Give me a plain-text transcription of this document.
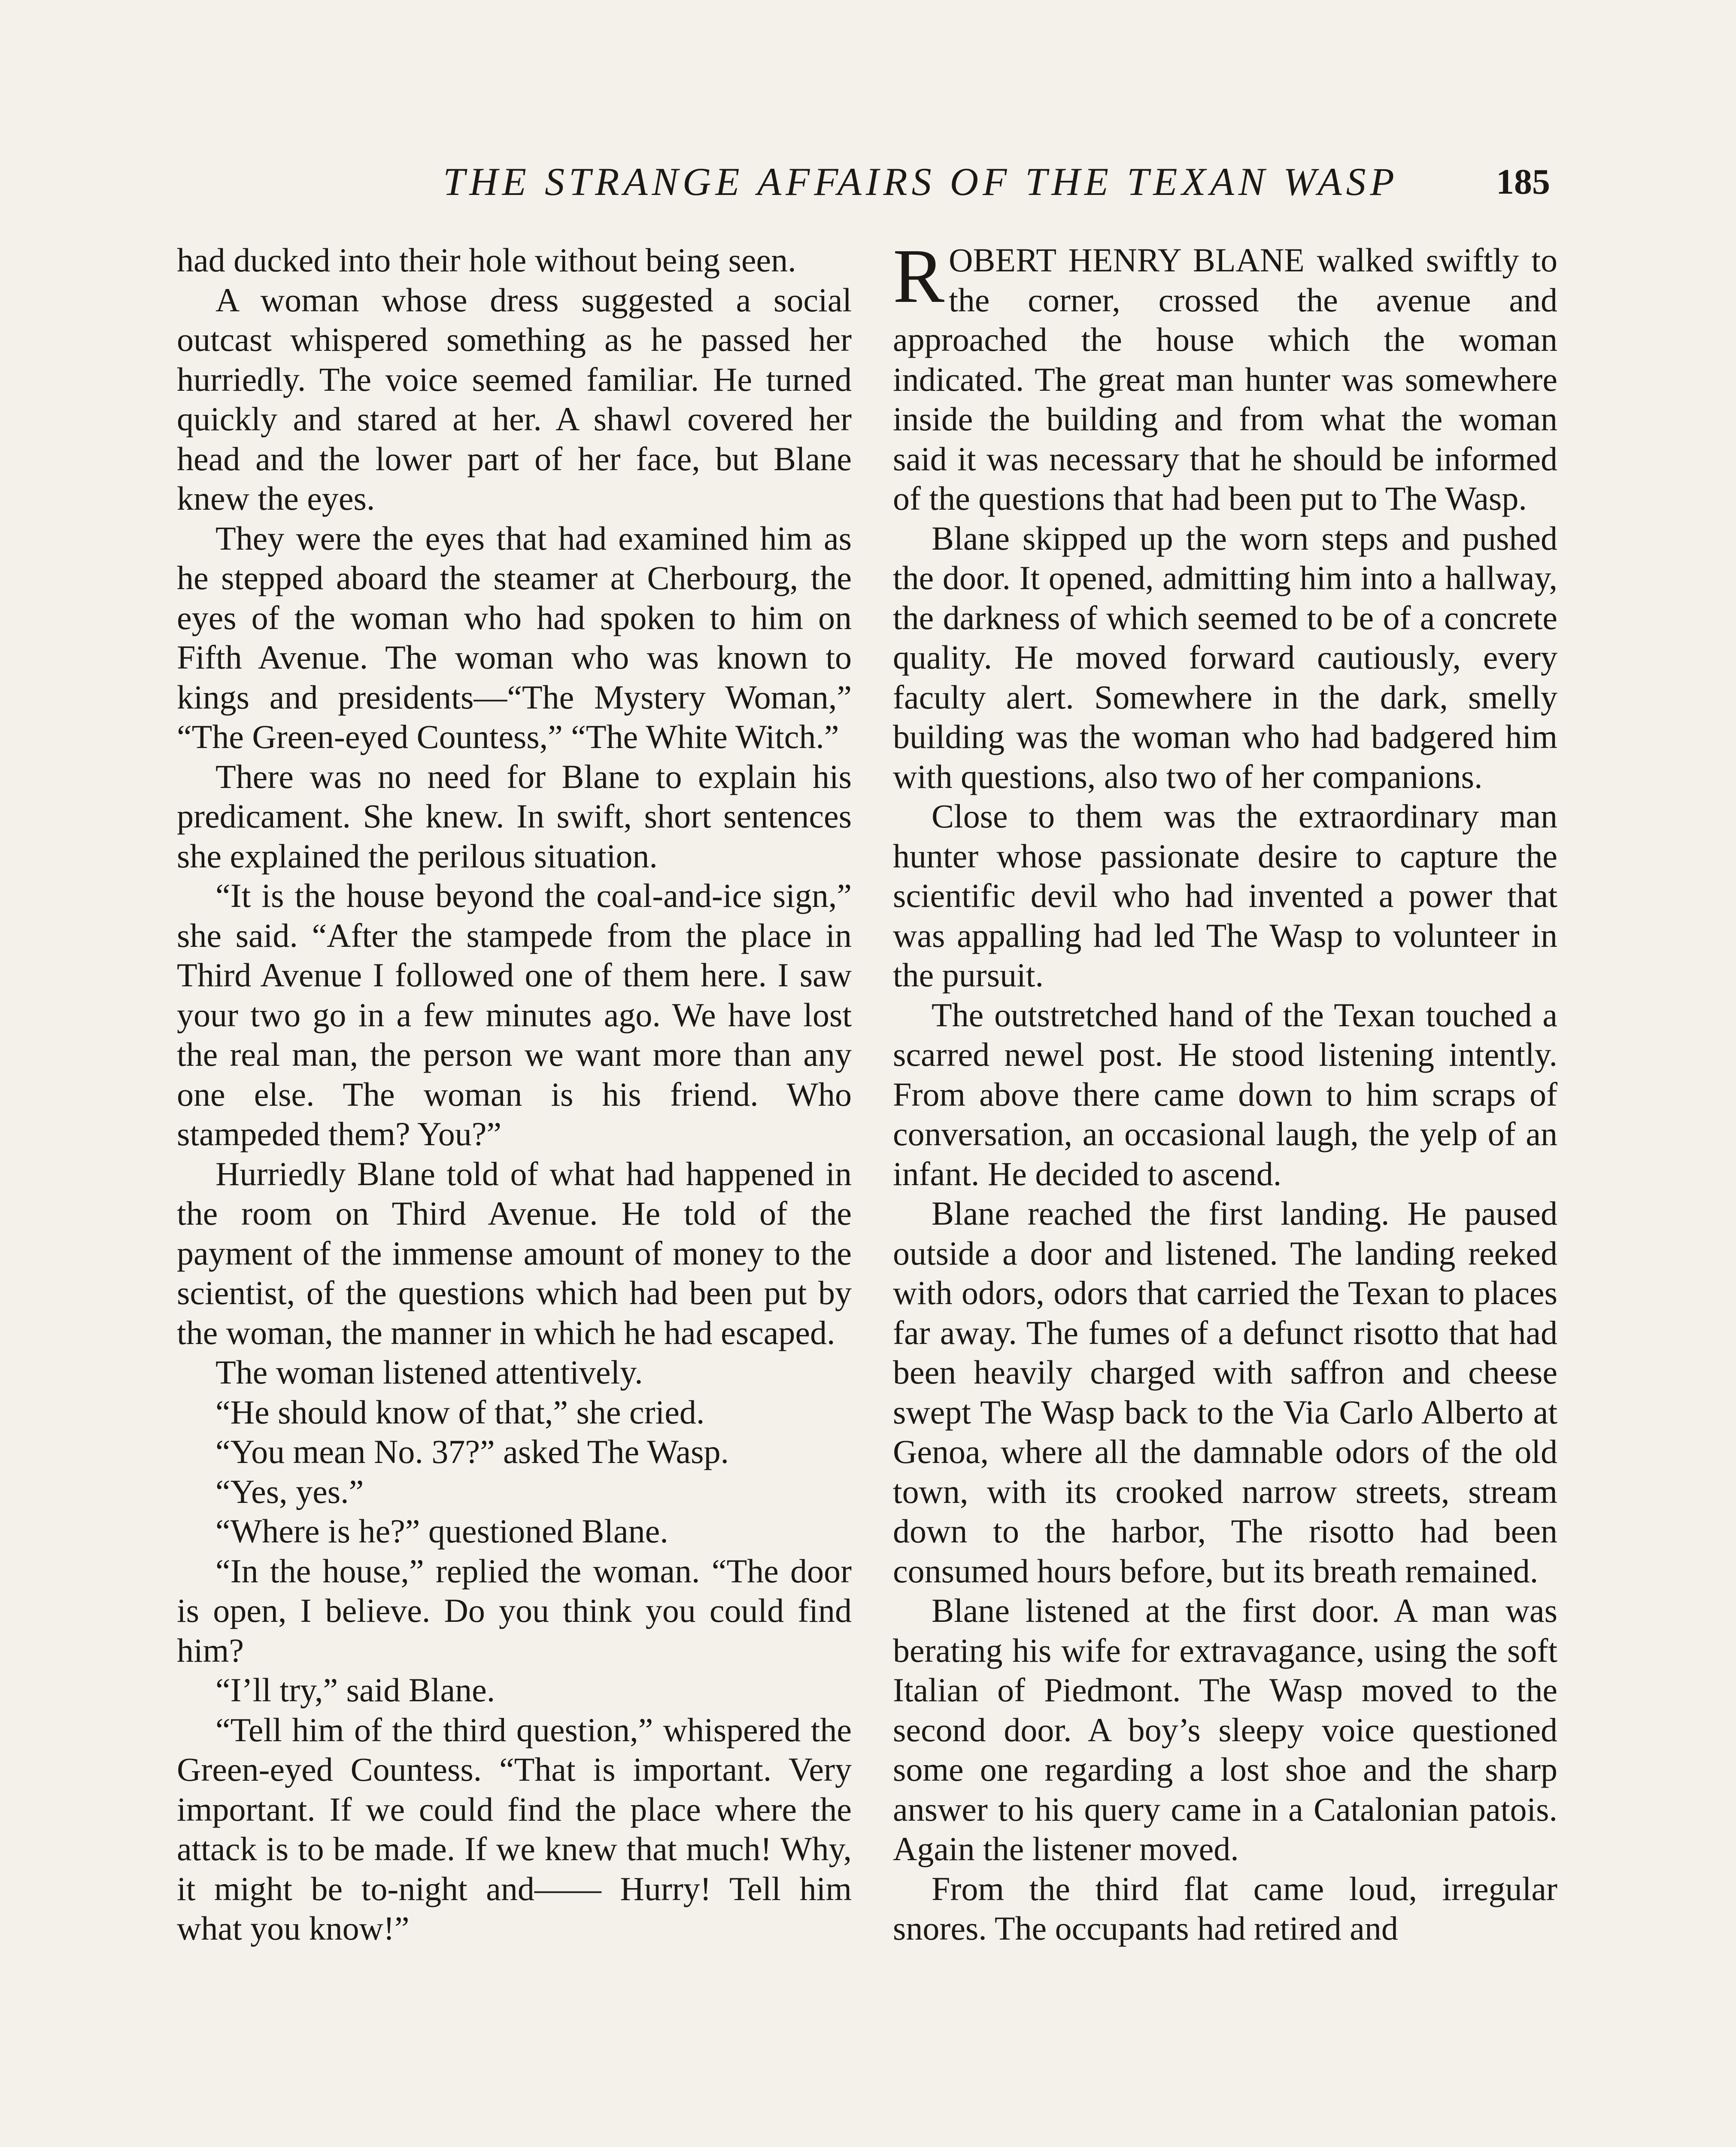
THE STRANGE AFFAIRS OF THE TEXAN WASP	185

had ducked into their hole without being seen.

A woman whose dress suggested a social outcast whispered something as he passed her hurriedly. The voice seemed familiar. He turned quickly and stared at her. A shawl covered her head and the lower part of her face, but Blane knew the eyes.

They were the eyes that had examined him as he stepped aboard the steamer at Cherbourg, the eyes of the woman who had spoken to him on Fifth Avenue. The woman who was known to kings and presidents—“The Mystery Woman,” “The Green-eyed Countess,” “The White Witch.”

There was no need for Blane to explain his predicament. She knew. In swift, short sentences she explained the perilous situation.

“It is the house beyond the coal-and-ice sign,” she said. “After the stampede from the place in Third Avenue I followed one of them here. I saw your two go in a few minutes ago. We have lost the real man, the person we want more than any one else. The woman is his friend. Who stampeded them? You?”

Hurriedly Blane told of what had happened in the room on Third Avenue. He told of the payment of the immense amount of money to the scientist, of the questions which had been put by the woman, the manner in which he had escaped.

The woman listened attentively.

“He should know of that,” she cried.

“You mean No. 37?” asked The Wasp.

“Yes, yes.”

“Where is he?” questioned Blane.

“In the house,” replied the woman. “The door is open, I believe. Do you think you could find him?

“I’ll try,” said Blane.

“Tell him of the third question,” whispered the Green-eyed Countess. “That is important. Very important. If we could find the place where the attack is to be made. If we knew that much! Why, it might be to-night and—— Hurry! Tell him what you know!”

ROBERT HENRY BLANE walked swiftly to the corner, crossed the avenue and approached the house which the woman indicated. The great man hunter was somewhere inside the building and from what the woman said it was necessary that he should be informed of the questions that had been put to The Wasp.

Blane skipped up the worn steps and pushed the door. It opened, admitting him into a hallway, the darkness of which seemed to be of a concrete quality. He moved forward cautiously, every faculty alert. Somewhere in the dark, smelly building was the woman who had badgered him with questions, also two of her companions.

Close to them was the extraordinary man hunter whose passionate desire to capture the scientific devil who had invented a power that was appalling had led The Wasp to volunteer in the pursuit.

The outstretched hand of the Texan touched a scarred newel post. He stood listening intently. From above there came down to him scraps of conversation, an occasional laugh, the yelp of an infant. He decided to ascend.

Blane reached the first landing. He paused outside a door and listened. The landing reeked with odors, odors that carried the Texan to places far away. The fumes of a defunct risotto that had been heavily charged with saffron and cheese swept The Wasp back to the Via Carlo Alberto at Genoa, where all the damnable odors of the old town, with its crooked narrow streets, stream down to the harbor, The risotto had been consumed hours before, but its breath remained.

Blane listened at the first door. A man was berating his wife for extravagance, using the soft Italian of Piedmont. The Wasp moved to the second door. A boy’s sleepy voice questioned some one regarding a lost shoe and the sharp answer to his query came in a Catalonian patois. Again the listener moved.

From the third flat came loud, irregular snores. The occupants had retired and
